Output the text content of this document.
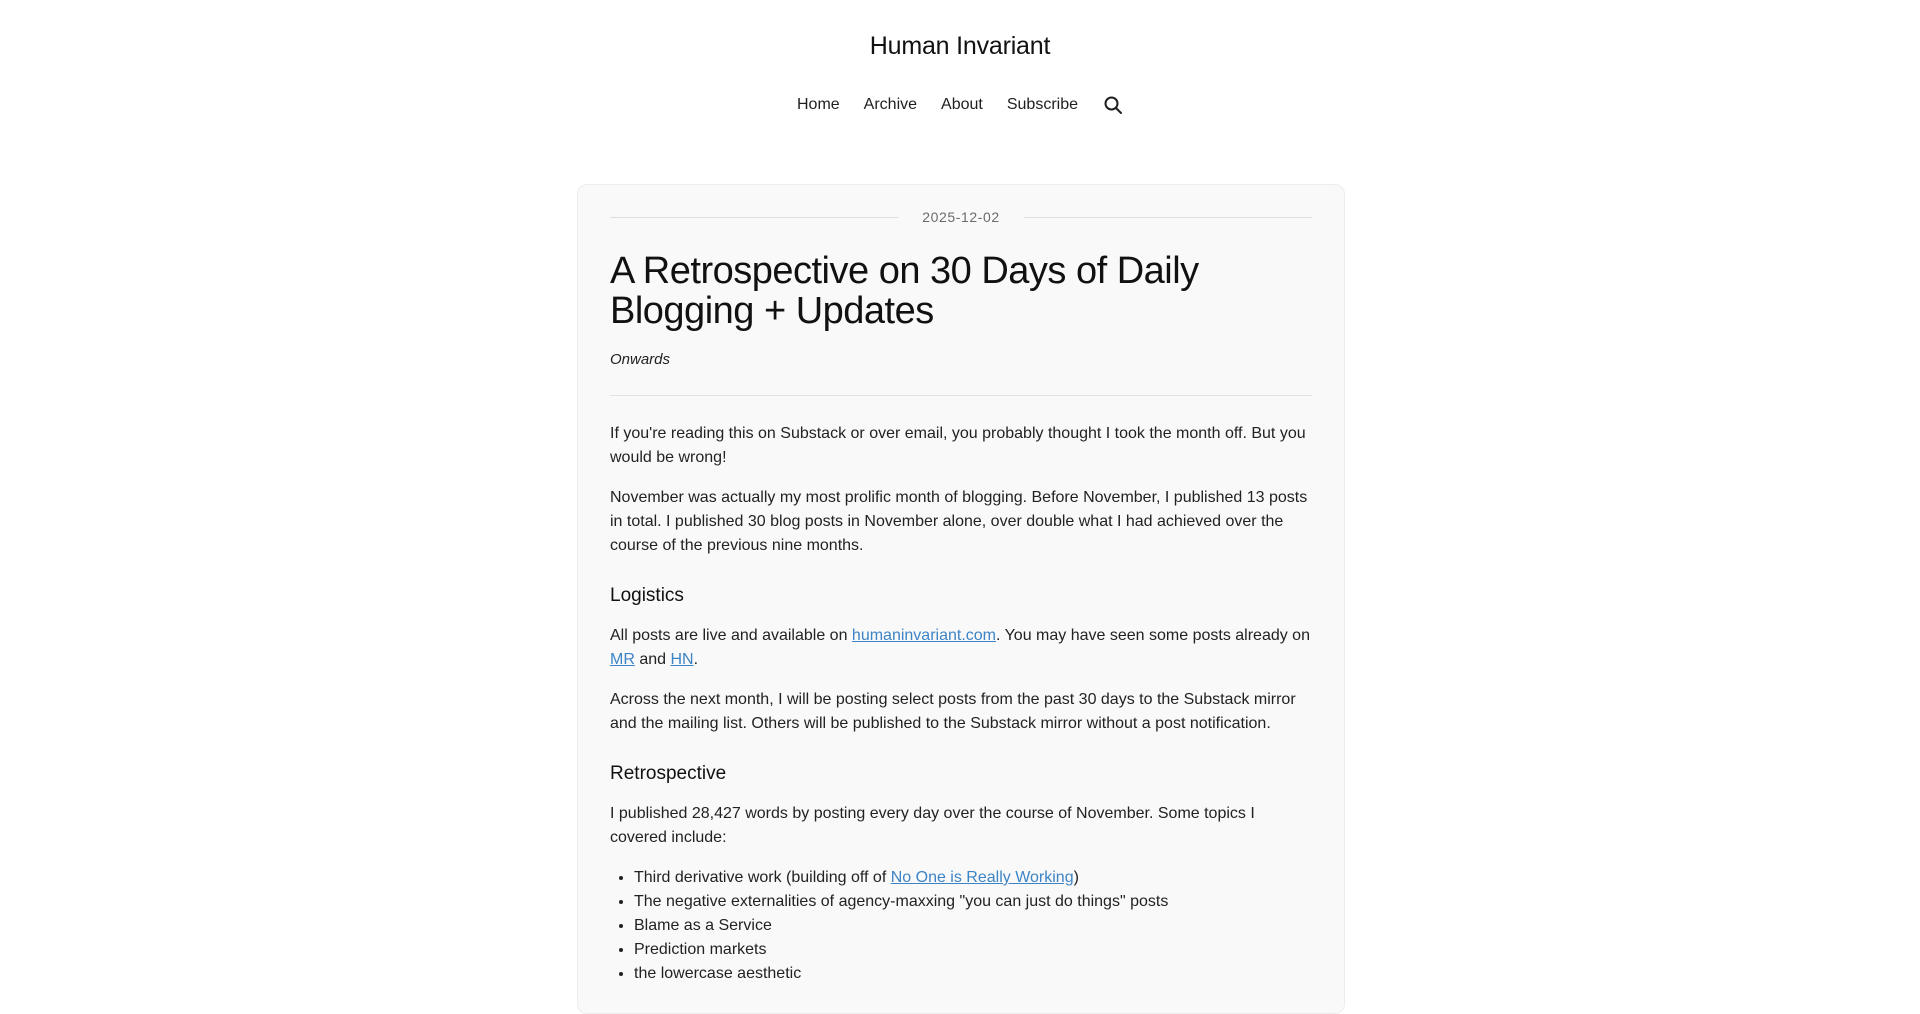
Human Invariant
Home Archive About Subscribe
2025-12-02
A Retrospective on 30 Days of Daily Blogging + Updates

Onwards

If you're reading this on Substack or over email, you probably thought I took the month off. But you would be wrong!

November was actually my most prolific month of blogging. Before November, I published 13 posts in total. I published 30 blog posts in November alone, over double what I had achieved over the course of the previous nine months.

Logistics

All posts are live and available on humaninvariant.com. You may have seen some posts already on MR and HN.

Across the next month, I will be posting select posts from the past 30 days to the Substack mirror and the mailing list. Others will be published to the Substack mirror without a post notification.

Retrospective

I published 28,427 words by posting every day over the course of November. Some topics I covered include:

• Third derivative work (building off of No One is Really Working)
• The negative externalities of agency-maxxing "you can just do things" posts
• Blame as a Service
• Prediction markets
• the lowercase aesthetic
